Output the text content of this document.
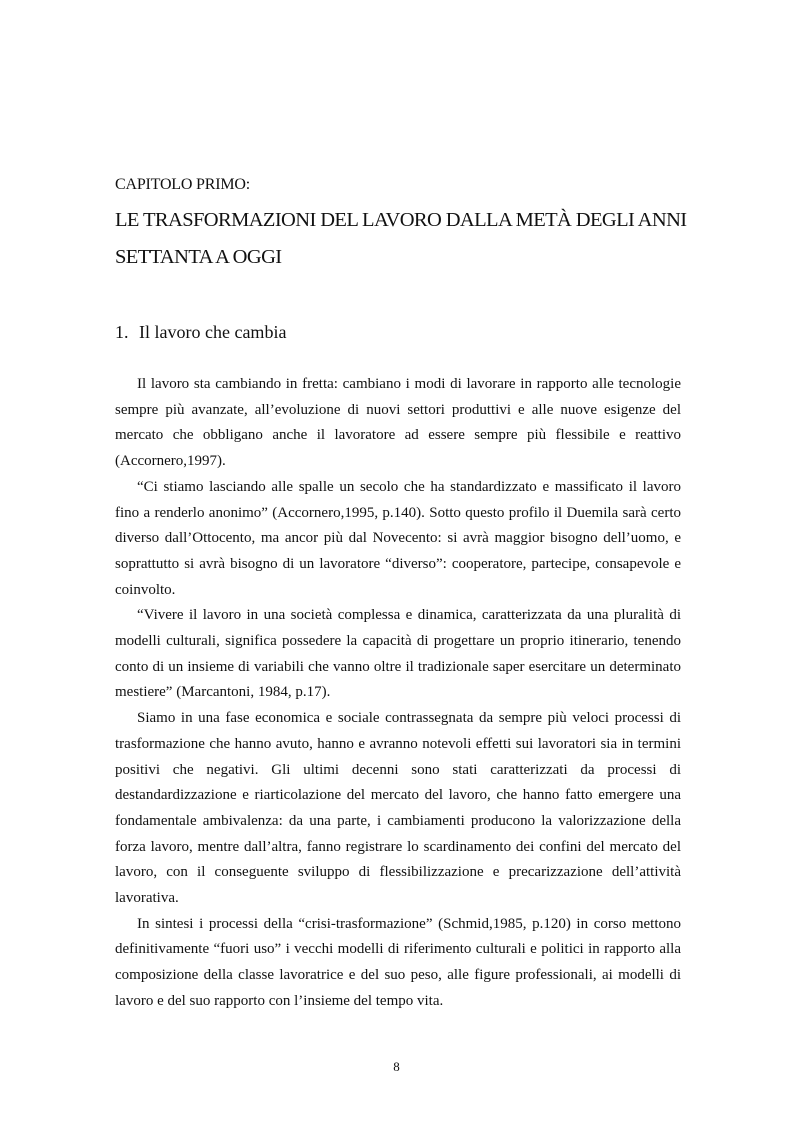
CAPITOLO PRIMO:

LE TRASFORMAZIONI DEL LAVORO DALLA METÀ DEGLI ANNI SETTANTA A OGGI
1. Il lavoro che cambia

Il lavoro sta cambiando in fretta: cambiano i modi di lavorare in rapporto alle tecnologie sempre più avanzate, all’evoluzione di nuovi settori produttivi e alle nuove esigenze del mercato che obbligano anche il lavoratore ad essere sempre più flessibile e reattivo (Accornero,1997).

“Ci stiamo lasciando alle spalle un secolo che ha standardizzato e massificato il lavoro fino a renderlo anonimo” (Accornero,1995, p.140). Sotto questo profilo il Duemila sarà certo diverso dall’Ottocento, ma ancor più dal Novecento: si avrà maggior bisogno dell’uomo, e soprattutto si avrà bisogno di un lavoratore “diverso”: cooperatore, partecipe, consapevole e coinvolto.

“Vivere il lavoro in una società complessa e dinamica, caratterizzata da una pluralità di modelli culturali, significa possedere la capacità di progettare un proprio itinerario, tenendo conto di un insieme di variabili che vanno oltre il tradizionale saper esercitare un determinato mestiere” (Marcantoni, 1984, p.17).

Siamo in una fase economica e sociale contrassegnata da sempre più veloci processi di trasformazione che hanno avuto, hanno e avranno notevoli effetti sui lavoratori sia in termini positivi che negativi. Gli ultimi decenni sono stati caratterizzati da processi di destandardizzazione e riarticolazione del mercato del lavoro, che hanno fatto emergere una fondamentale ambivalenza: da una parte, i cambiamenti producono la valorizzazione della forza lavoro, mentre dall’altra, fanno registrare lo scardinamento dei confini del mercato del lavoro, con il conseguente sviluppo di flessibilizzazione e precarizzazione dell’attività lavorativa.

In sintesi i processi della “crisi-trasformazione” (Schmid,1985, p.120) in corso mettono definitivamente “fuori uso” i vecchi modelli di riferimento culturali e politici in rapporto alla composizione della classe lavoratrice e del suo peso, alle figure professionali, ai modelli di lavoro e del suo rapporto con l’insieme del tempo vita.

8
